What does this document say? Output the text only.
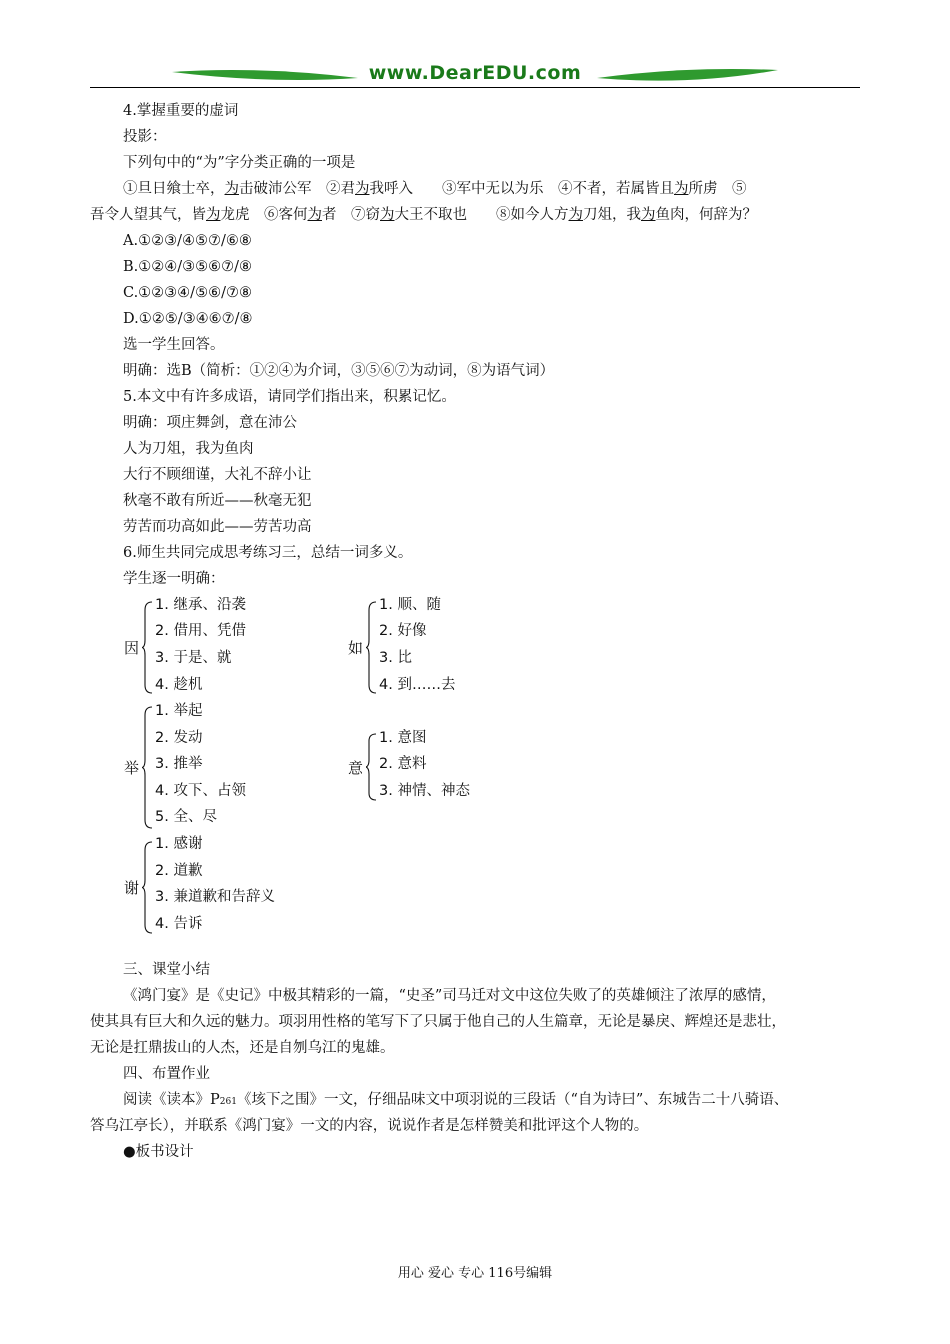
www.DearEDU.com
4.掌握重要的虚词
投影：
下列句中的“为”字分类正确的一项是
①旦日飨士卒，为击破沛公军　②君为我呼入　　③军中无以为乐　④不者，若属皆且为所虏　⑤
吾令人望其气，皆为龙虎　⑥客何为者　⑦窃为大王不取也　　⑧如今人方为刀俎，我为鱼肉，何辞为？
A.①②③/④⑤⑦/⑥⑧
B.①②④/③⑤⑥⑦/⑧
C.①②③④/⑤⑥/⑦⑧
D.①②⑤/③④⑥⑦/⑧
选一学生回答。
明确：选B（简析：①②④为介词，③⑤⑥⑦为动词，⑧为语气词）
5.本文中有许多成语，请同学们指出来，积累记忆。
明确：项庄舞剑，意在沛公
人为刀俎，我为鱼肉
大行不顾细谨，大礼不辞小让
秋毫不敢有所近——秋毫无犯
劳苦而功高如此——劳苦功高
6.师生共同完成思考练习三，总结一词多义。
学生逐一明确：
因
1. 继承、沿袭
2. 借用、凭借
3. 于是、就
4. 趁机
如
1. 顺、随
2. 好像
3. 比
4. 到……去
举
1. 举起
2. 发动
3. 推举
4. 攻下、占领
5. 全、尽
意
1. 意图
2. 意料
3. 神情、神态
谢
1. 感谢
2. 道歉
3. 兼道歉和告辞义
4. 告诉
三、课堂小结
《鸿门宴》是《史记》中极其精彩的一篇，“史圣”司马迁对文中这位失败了的英雄倾注了浓厚的感情，
使其具有巨大和久远的魅力。项羽用性格的笔写下了只属于他自己的人生篇章，无论是暴戾、辉煌还是悲壮，
无论是扛鼎拔山的人杰，还是自刎乌江的鬼雄。
四、布置作业
阅读《读本》P261《垓下之围》一文，仔细品味文中项羽说的三段话（“自为诗曰”、东城告二十八骑语、
答乌江亭长），并联系《鸿门宴》一文的内容，说说作者是怎样赞美和批评这个人物的。
●板书设计
用心 爱心 专心 116号编辑
